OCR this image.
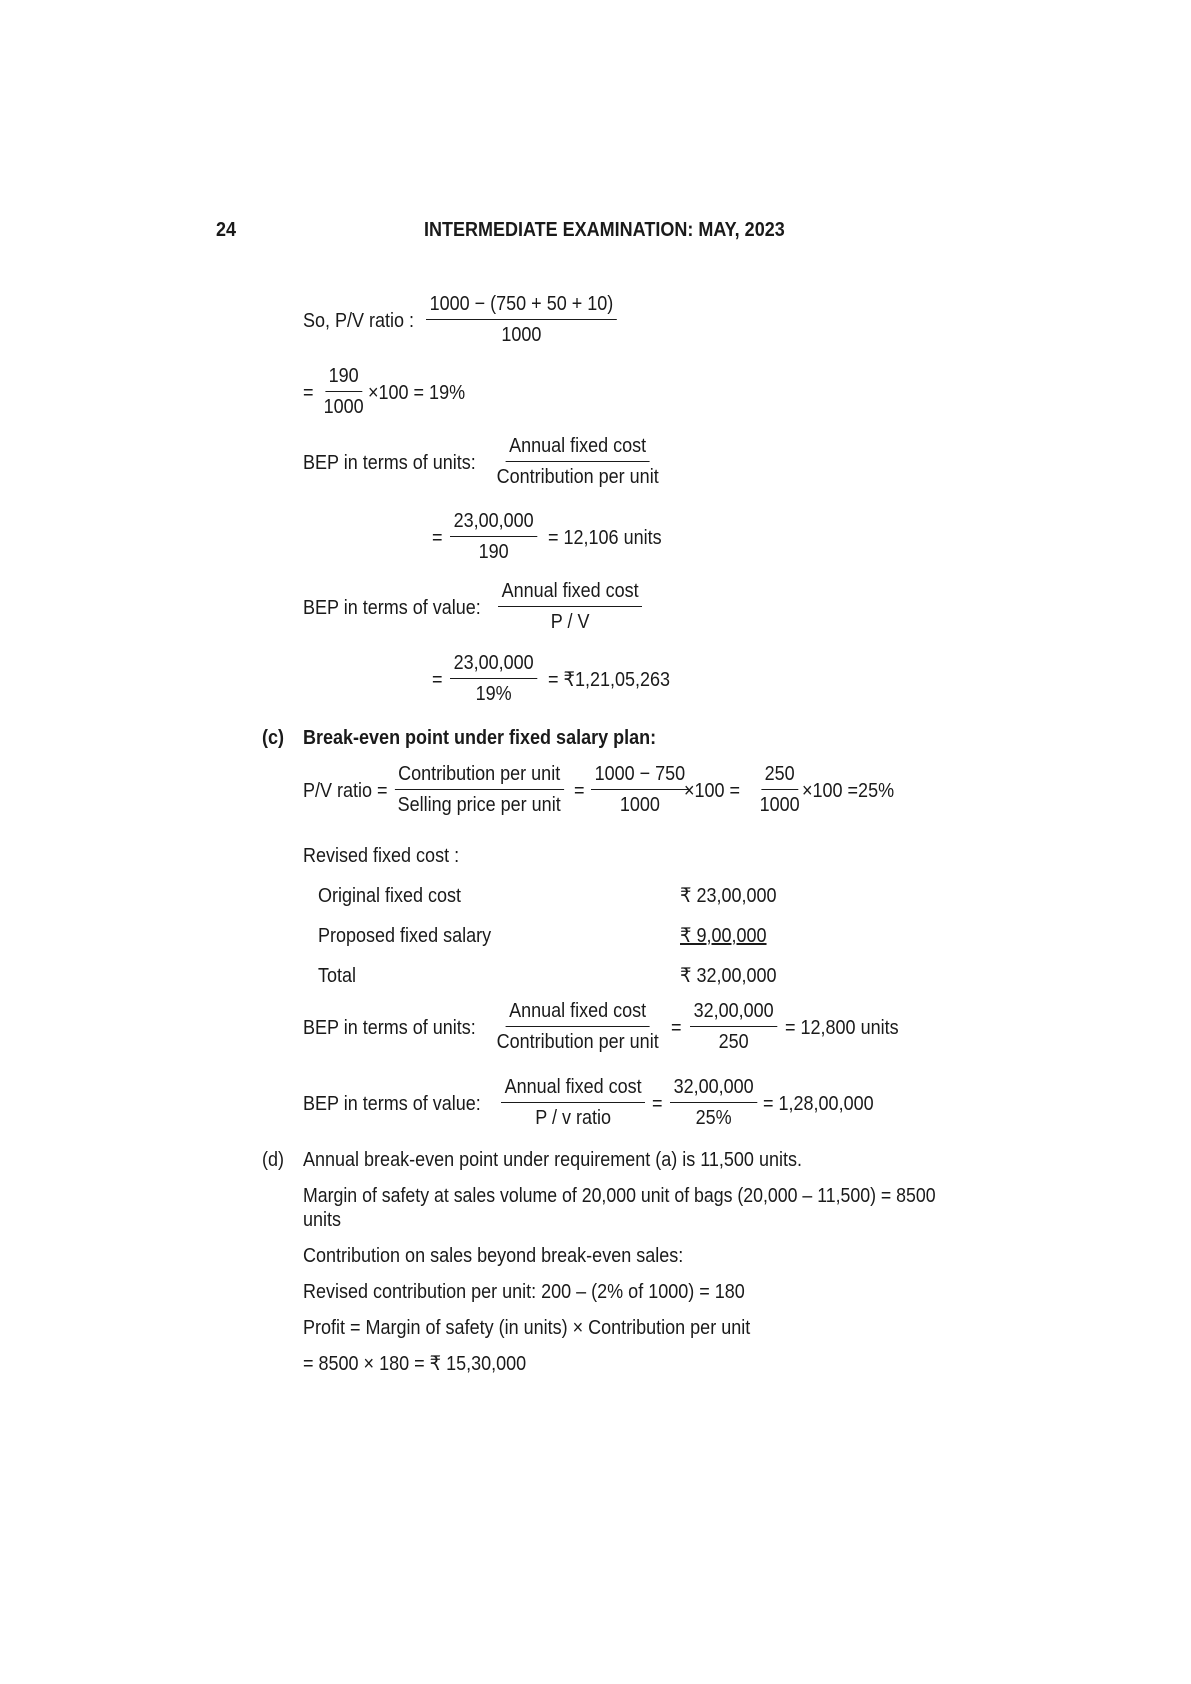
24	INTERMEDIATE EXAMINATION: MAY, 2023
So, P/V ratio : $\frac{1000 - (750 + 50 + 10)}{1000}$
= $\frac{190}{1000} \times 100 = 19\%$
BEP in terms of units:
Annual fixed cost
Contribution per unit
= $\frac{23,00,000}{190} = 12,106$ units
BEP in terms of value:
Annual fixed cost
P / V
= $\frac{23,00,000}{19\%}$ = ₹1,21,05,263
(c) Break-even point under fixed salary plan:
P/V ratio =
Contribution per unit
Selling price per unit
= $\frac{1000 - 750}{1000}$
$\times 100 = \frac{250}{1000}$
×100 =25%
Revised fixed cost :
Original fixed cost	₹ 23,00,000
Proposed fixed salary	₹ 9,00,000
Total	₹ 32,00,000
BEP in terms of units:
Annual fixed cost
Contribution per unit
= $\frac{32,00,000}{250} = 12,800$ units
BEP in terms of value:
Annual fixed cost
P / v ratio
= $\frac{32,00,000}{25\%} = 1,28,00,000$
(d) Annual break-even point under requirement (a) is 11,500 units.
Margin of safety at sales volume of 20,000 unit of bags (20,000 – 11,500) = 8500
units
Contribution on sales beyond break-even sales:
Revised contribution per unit: 200 – (2% of 1000) = 180
Profit = Margin of safety (in units) × Contribution per unit
= 8500 × 180 = ₹ 15,30,000
